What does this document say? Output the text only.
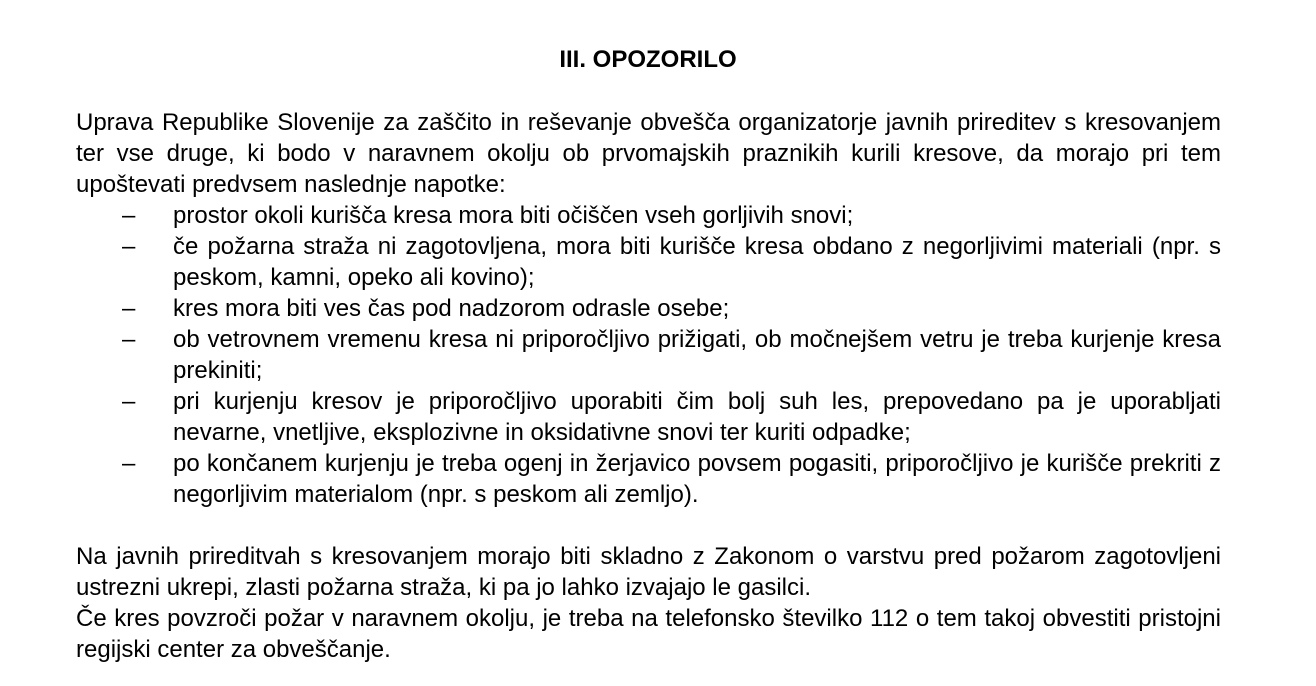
III. OPOZORILO

Uprava Republike Slovenije za zaščito in reševanje obvešča organizatorje javnih prireditev s kresovanjem ter vse druge, ki bodo v naravnem okolju ob prvomajskih praznikih kurili kresove, da morajo pri tem upoštevati predvsem naslednje napotke:

– prostor okoli kurišča kresa mora biti očiščen vseh gorljivih snovi;
– če požarna straža ni zagotovljena, mora biti kurišče kresa obdano z negorljivimi materiali (npr. s peskom, kamni, opeko ali kovino);
– kres mora biti ves čas pod nadzorom odrasle osebe;
– ob vetrovnem vremenu kresa ni priporočljivo prižigati, ob močnejšem vetru je treba kurjenje kresa prekiniti;
– pri kurjenju kresov je priporočljivo uporabiti čim bolj suh les, prepovedano pa je uporabljati nevarne, vnetljive, eksplozivne in oksidativne snovi ter kuriti odpadke;
– po končanem kurjenju je treba ogenj in žerjavico povsem pogasiti, priporočljivo je kurišče prekriti z negorljivim materialom (npr. s peskom ali zemljo).

Na javnih prireditvah s kresovanjem morajo biti skladno z Zakonom o varstvu pred požarom zagotovljeni ustrezni ukrepi, zlasti požarna straža, ki pa jo lahko izvajajo le gasilci.

Če kres povzroči požar v naravnem okolju, je treba na telefonsko številko 112 o tem takoj obvestiti pristojni regijski center za obveščanje.
